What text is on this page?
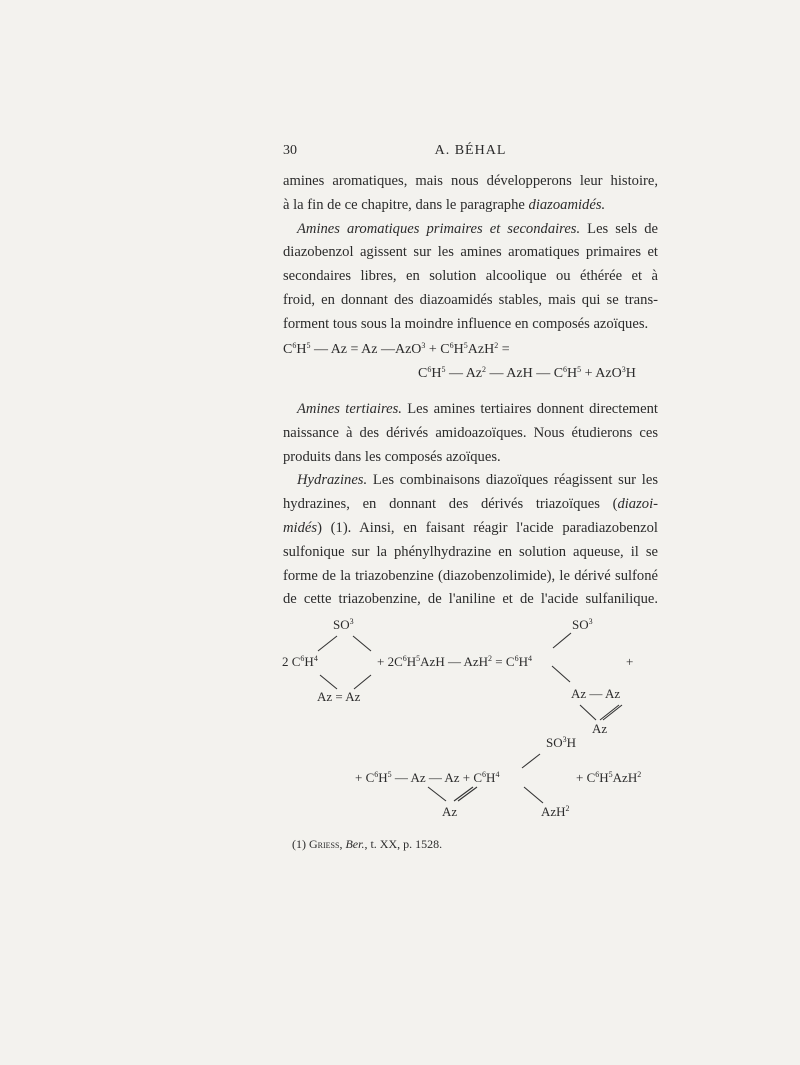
30	A. BÉHAL

amines aromatiques, mais nous développerons leur histoire,
à la fin de ce chapitre, dans le paragraphe diazoamidés.

Amines aromatiques primaires et secondaires. Les sels de
diazobenzol agissent sur les amines aromatiques primaires et
secondaires libres, en solution alcoolique ou éthérée et à
froid, en donnant des diazoamidés stables, mais qui se trans-
forment tous sous la moindre influence en composés azoïques.

$C^6H^5$ — Az = Az —AzO$^3$ + $C^6H^5AzH^2$ =
$C^6H^5$ — Az$^2$ — AzH — $C^6H^5 + AzO^3H$

Amines tertiaires. Les amines tertiaires donnent directement
naissance à des dérivés amidoazoïques. Nous étudierons ces
produits dans les composés azoïques.

Hydrazines. Les combinaisons diazoïques réagissent sur les
hydrazines, en donnant des dérivés triazoïques (diazoi-
midés) (1). Ainsi, en faisant réagir l'acide paradiazobenzol
sulfonique sur la phénylhydrazine en solution aqueuse, il se
forme de la triazobenzine (diazobenzolimide), le dérivé sulfoné
de cette triazobenzine, de l'aniline et de l'acide sulfanilique.

$SO^3$
2 $C^6H^4$	+ $2C^6H^5AzH$ — $AzH^2 = C^6H^4$	+
Az = Az
$SO^3$
Az — Az
Az
$SO^3H$
+ $C^6H^5$ — Az — $Az + C^6H^4$	+ $C^6H^5AzH^2$
Az	AzH$^2$
(1) Griess, Ber., t. XX, p. 1528.
